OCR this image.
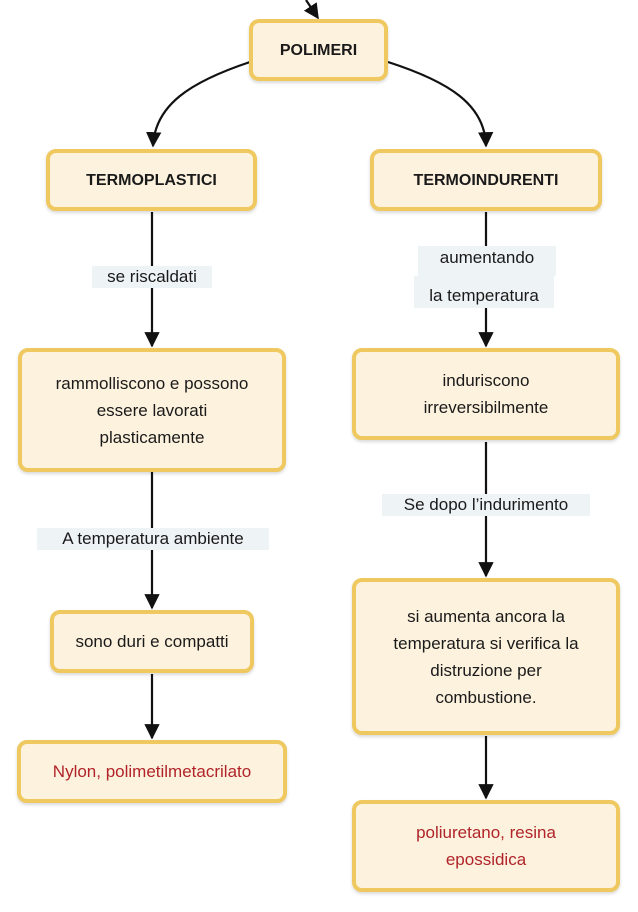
se riscaldati
A temperatura ambiente
aumentando
la temperatura
Se dopo l’indurimento
POLIMERI
TERMOPLASTICI	TERMOINDURENTI
rammolliscono e possono
essere lavorati
plasticamente
sono duri e compatti
Nylon, polimetilmetacrilato
induriscono
irreversibilmente
si aumenta ancora la
temperatura si verifica la
distruzione per
combustione.
poliuretano, resina
epossidica
